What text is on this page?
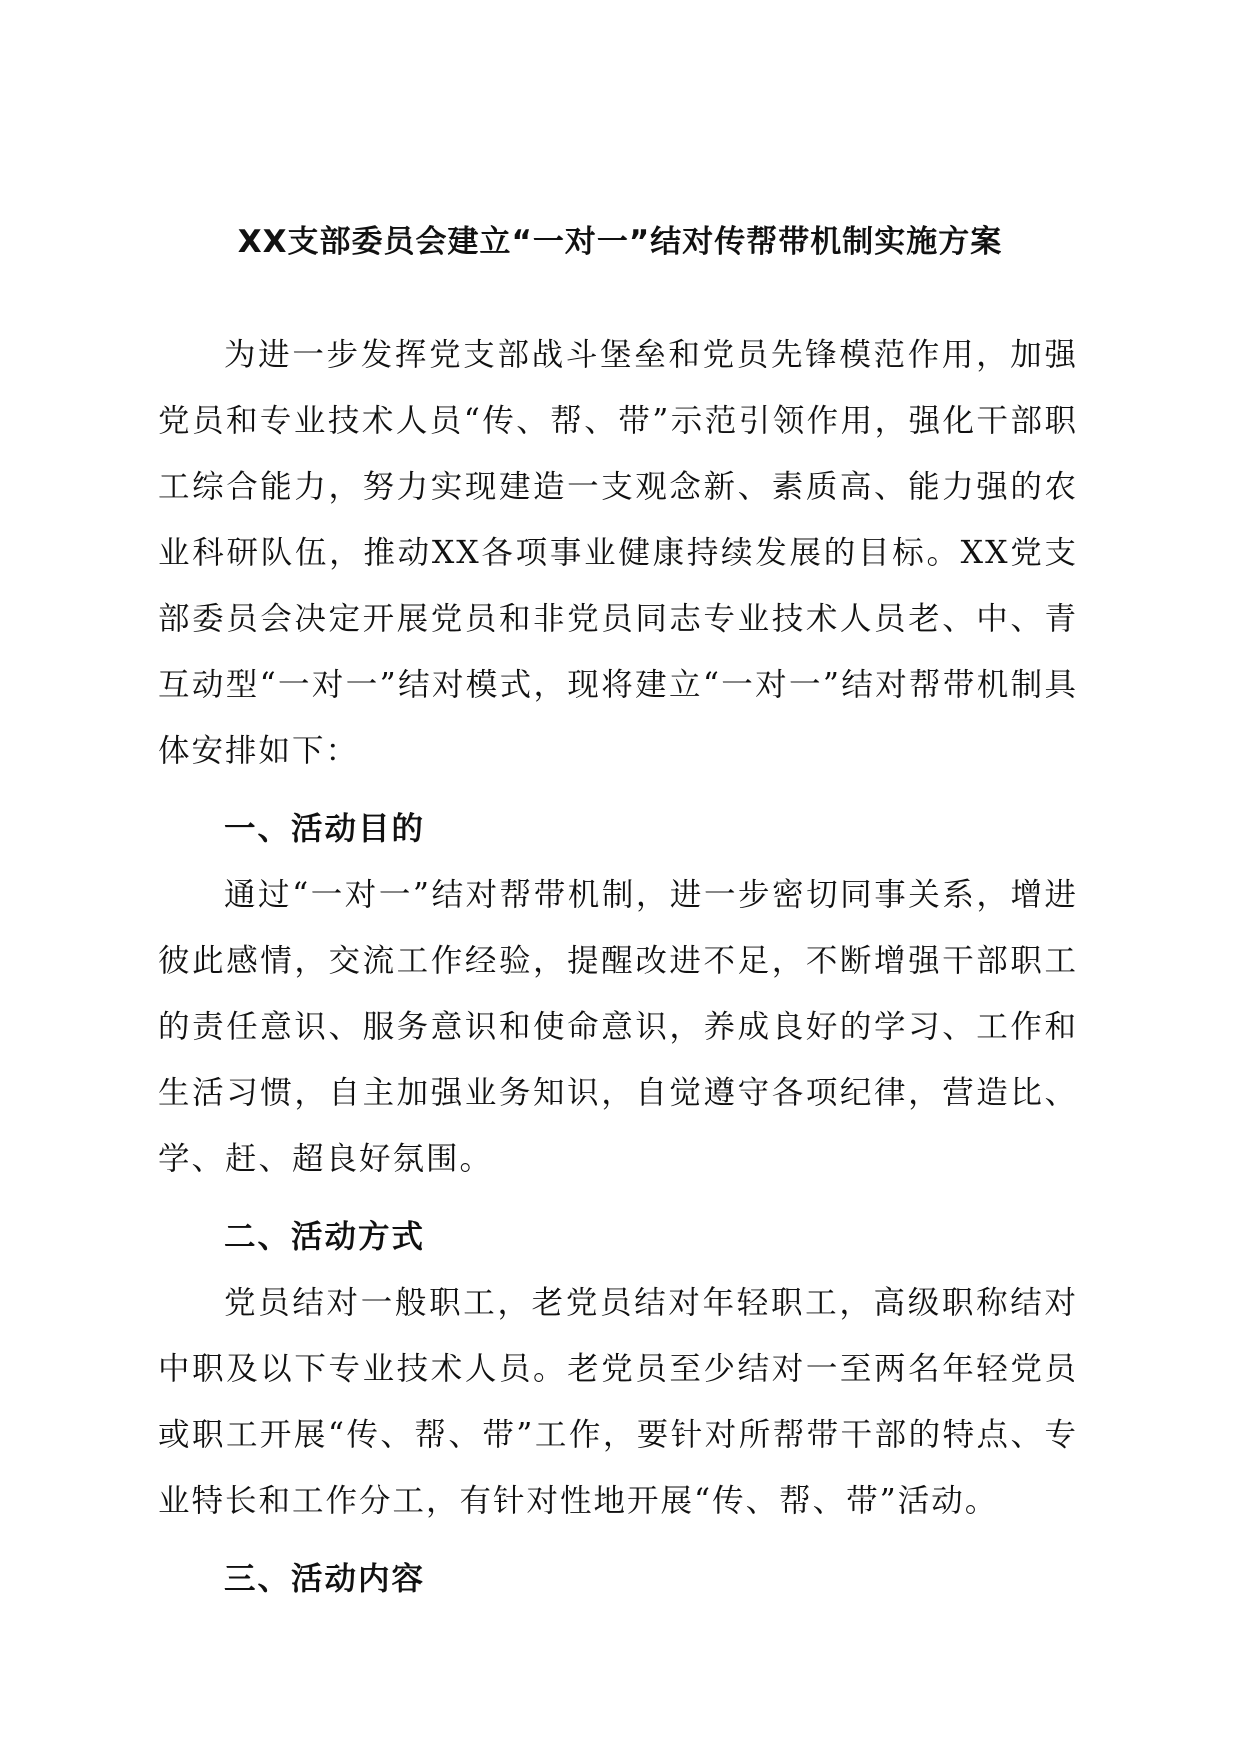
XX支部委员会建立“一对一”结对传帮带机制实施方案

为进一步发挥党支部战斗堡垒和党员先锋模范作用，加强党员和专业技术人员“传、帮、带”示范引领作用，强化干部职工综合能力，努力实现建造一支观念新、素质高、能力强的农业科研队伍，推动XX各项事业健康持续发展的目标。XX党支部委员会决定开展党员和非党员同志专业技术人员老、中、青互动型“一对一”结对模式，现将建立“一对一”结对帮带机制具体安排如下：

一、活动目的

通过“一对一”结对帮带机制，进一步密切同事关系，增进彼此感情，交流工作经验，提醒改进不足，不断增强干部职工的责任意识、服务意识和使命意识，养成良好的学习、工作和生活习惯，自主加强业务知识，自觉遵守各项纪律，营造比、学、赶、超良好氛围。

二、活动方式

党员结对一般职工，老党员结对年轻职工，高级职称结对中职及以下专业技术人员。老党员至少结对一至两名年轻党员或职工开展“传、帮、带”工作，要针对所帮带干部的特点、专业特长和工作分工，有针对性地开展“传、帮、带”活动。

三、活动内容
